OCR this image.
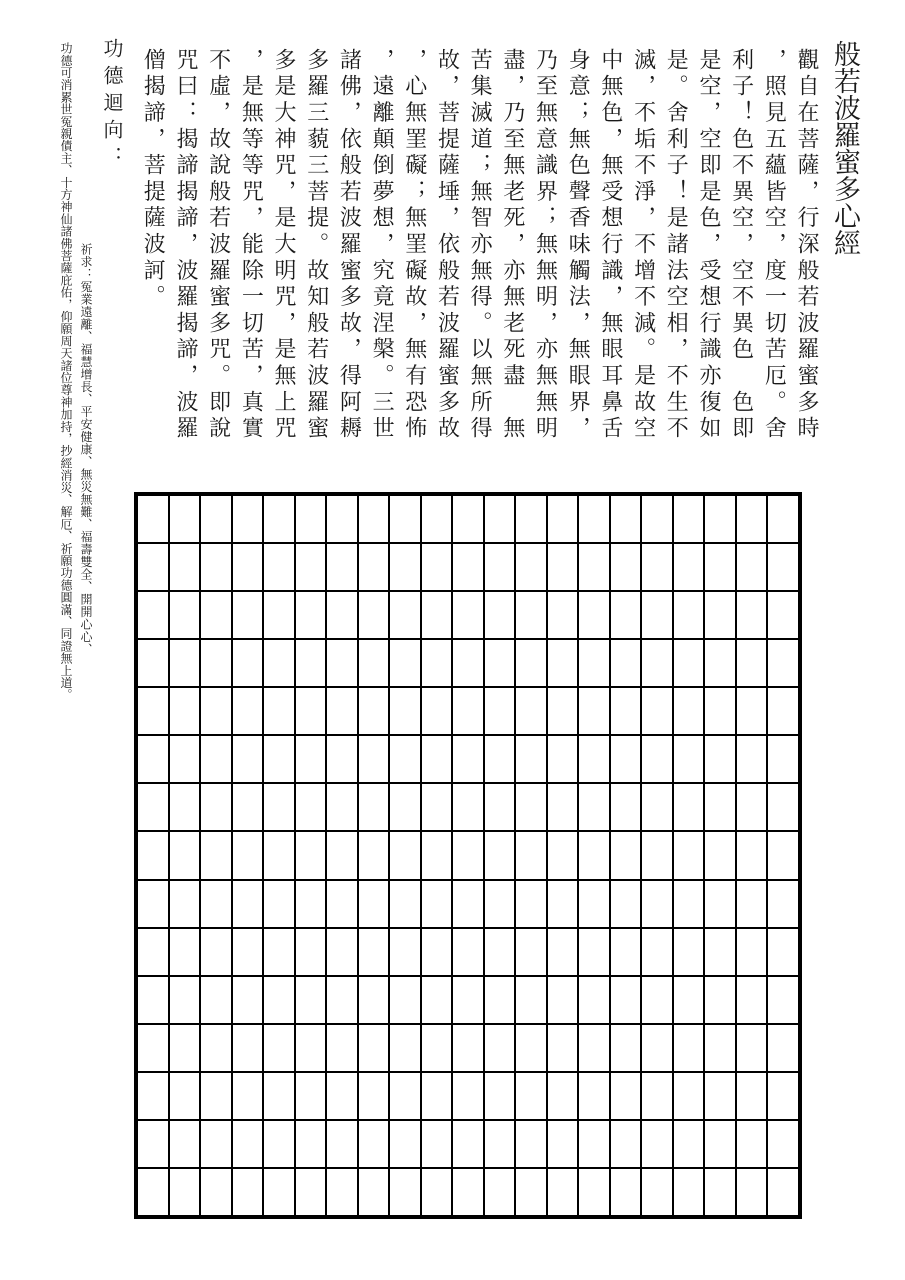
般若波羅蜜多心經
觀自在菩薩，行深般若波羅蜜多時
，照見五蘊皆空，度一切苦厄。舍
利子！色不異空，空不異色　色即
是空，空即是色，受想行識亦復如
是。舍利子！是諸法空相，不生不
滅，不垢不淨，不增不減。是故空
中無色，無受想行識，無眼耳鼻舌
身意；無色聲香味觸法，無眼界，
乃至無意識界；無無明，亦無無明
盡，乃至無老死，亦無老死盡　無
苦集滅道；無智亦無得。以無所得
故，菩提薩埵，依般若波羅蜜多故
，心無罣礙；無罣礙故，無有恐怖
，遠離顛倒夢想，究竟涅槃。三世
諸佛，依般若波羅蜜多故，得阿耨
多羅三藐三菩提。故知般若波羅蜜
多是大神咒，是大明咒，是無上咒
，是無等等咒，能除一切苦，真實
不虛，故說般若波羅蜜多咒。即說
咒曰：揭諦揭諦，波羅揭諦，波羅
僧揭諦，菩提薩波訶。
功德迴向：
祈求：冤業遠離、福慧增長、平安健康、無災無難、福壽雙全、開開心心、
功德可消累世冤親債主、十方神仙諸佛菩薩庇佑，仰願周天諸位尊神加持，抄經消災、解厄、祈願功德圓滿、同證無上道。
